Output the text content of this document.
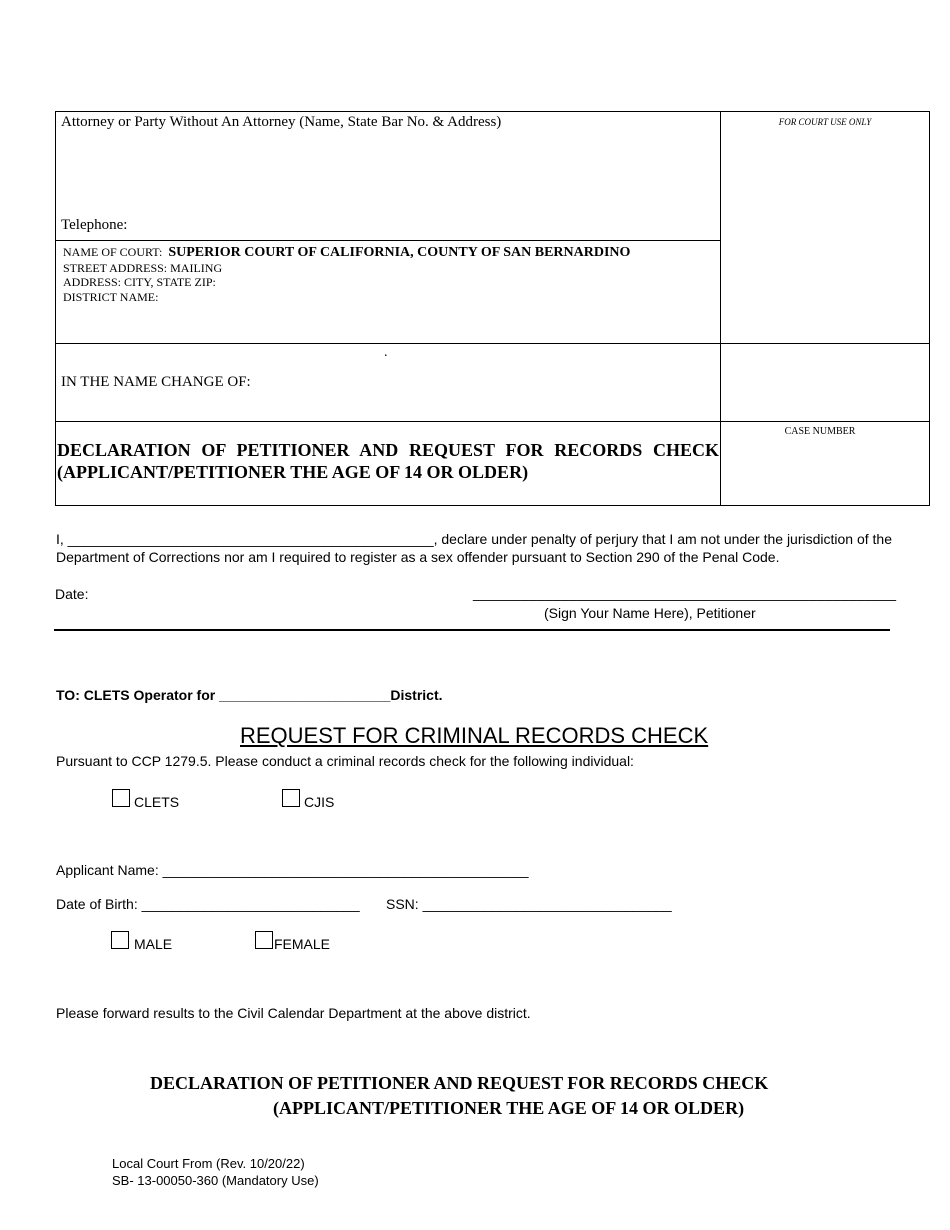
Attorney or Party Without An Attorney (Name, State Bar No. & Address)
Telephone:
FOR COURT USE ONLY
NAME OF COURT: SUPERIOR COURT OF CALIFORNIA, COUNTY OF SAN BERNARDINO
STREET ADDRESS: MAILING
ADDRESS: CITY, STATE ZIP:
DISTRICT NAME:
.
IN THE NAME CHANGE OF:
CASE NUMBER
DECLARATION OF PETITIONER AND REQUEST FOR RECORDS CHECK
(APPLICANT/PETITIONER THE AGE OF 14 OR OLDER)
I, _______________________________________________, declare under penalty of perjury that I am not under the jurisdiction of the
Department of Corrections nor am I required to register as a sex offender pursuant to Section 290 of the Penal Code.
Date:	_____________________________________________________
(Sign Your Name Here), Petitioner
TO: CLETS Operator for ______________________District.
REQUEST FOR CRIMINAL RECORDS CHECK
Pursuant to CCP 1279.5. Please conduct a criminal records check for the following individual:
CLETS	CJIS
Applicant Name: _______________________________________________
Date of Birth: ____________________________ SSN: ________________________________
MALE	FEMALE
Please forward results to the Civil Calendar Department at the above district.
DECLARATION OF PETITIONER AND REQUEST FOR RECORDS CHECK
(APPLICANT/PETITIONER THE AGE OF 14 OR OLDER)
Local Court From (Rev. 10/20/22)
SB- 13-00050-360 (Mandatory Use)
